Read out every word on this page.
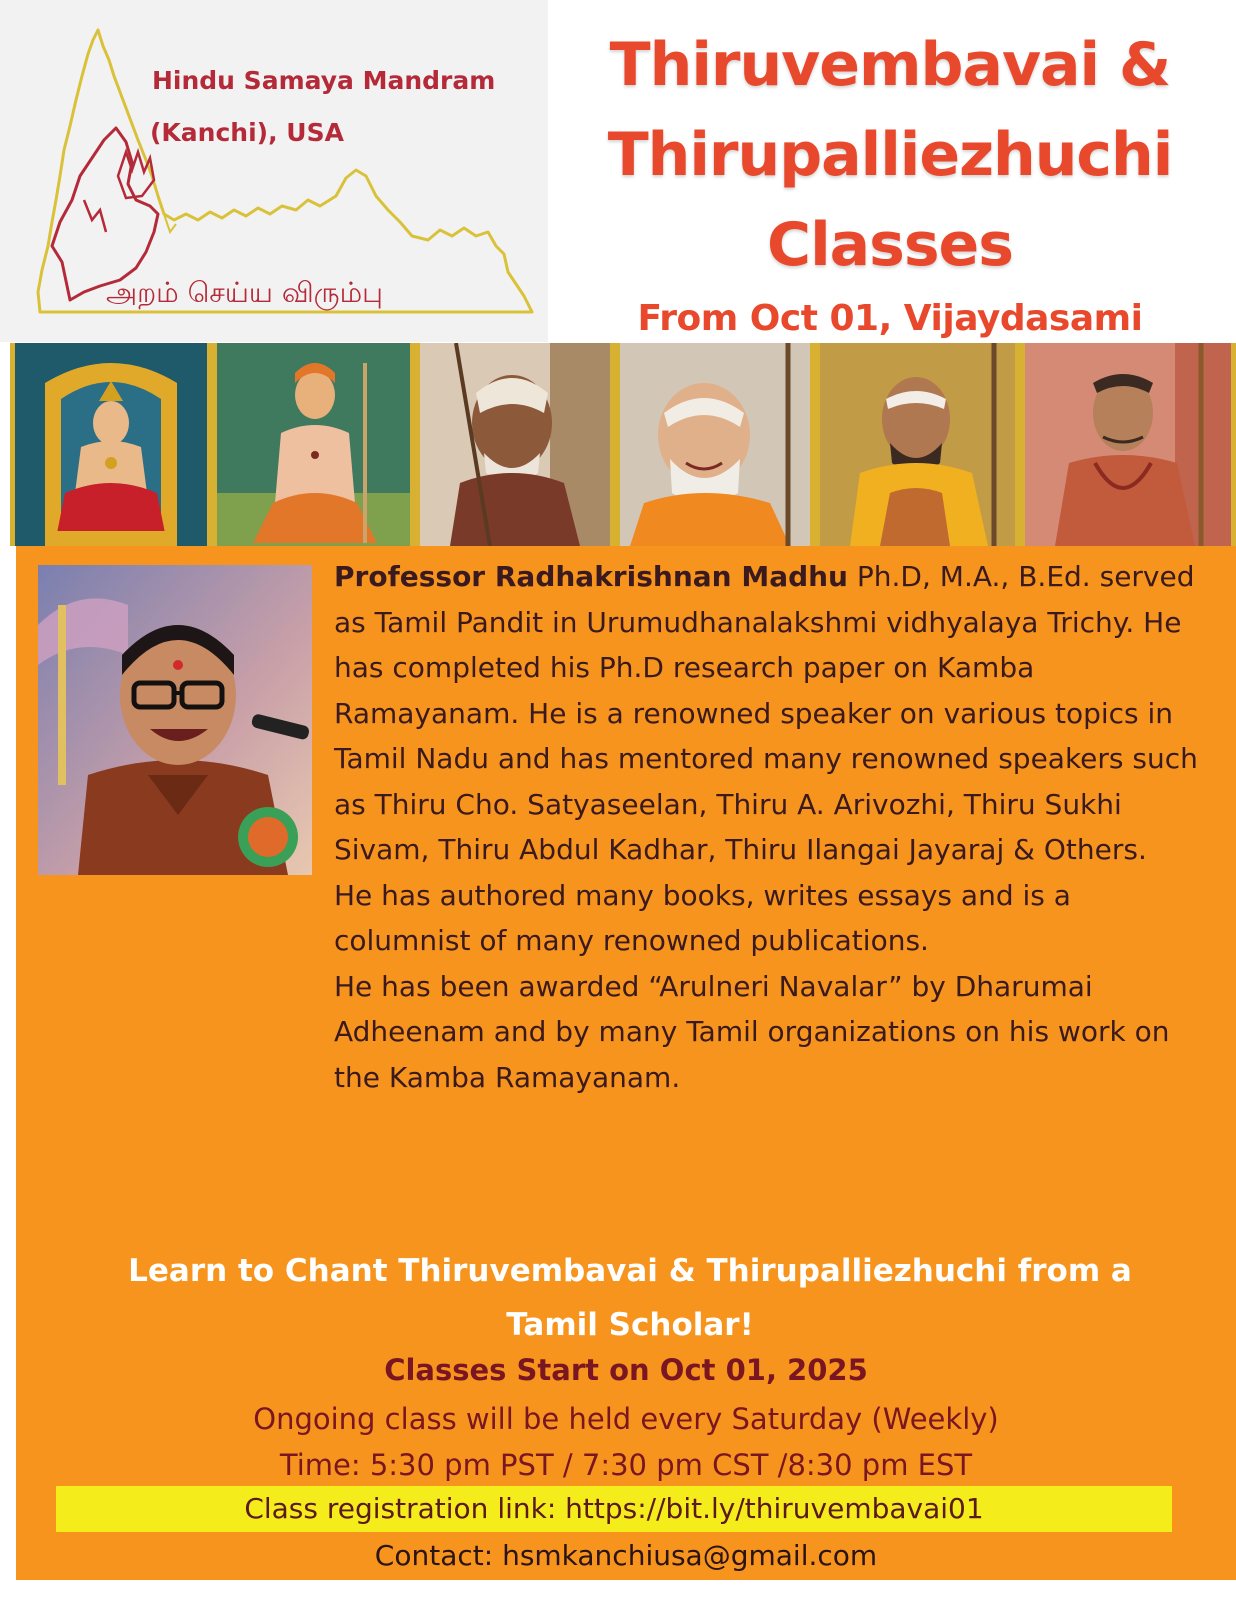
Hindu Samaya Mandram
(Kanchi), USA
அறம் செய்ய விரும்பு
Thiruvembavai &
Thirupalliezhuchi
Classes
From Oct 01, Vijaydasami

Professor Radhakrishnan Madhu Ph.D, M.A., B.Ed. served as Tamil Pandit in Urumudhanalakshmi vidhyalaya Trichy. He has completed his Ph.D research paper on Kamba Ramayanam. He is a renowned speaker on various topics in Tamil Nadu and has mentored many renowned speakers such as Thiru Cho. Satyaseelan, Thiru A. Arivozhi, Thiru Sukhi Sivam, Thiru Abdul Kadhar, Thiru Ilangai Jayaraj & Others.

He has authored many books, writes essays and is a columnist of many renowned publications.

He has been awarded “Arulneri Navalar” by Dharumai Adheenam and by many Tamil organizations on his work on the Kamba Ramayanam.

Learn to Chant Thiruvembavai & Thirupalliezhuchi from a
Tamil Scholar!
Classes Start on Oct 01, 2025
Ongoing class will be held every Saturday (Weekly)
Time: 5:30 pm PST / 7:30 pm CST /8:30 pm EST
Class registration link: https://bit.ly/thiruvembavai01
Contact: hsmkanchiusa@gmail.com
